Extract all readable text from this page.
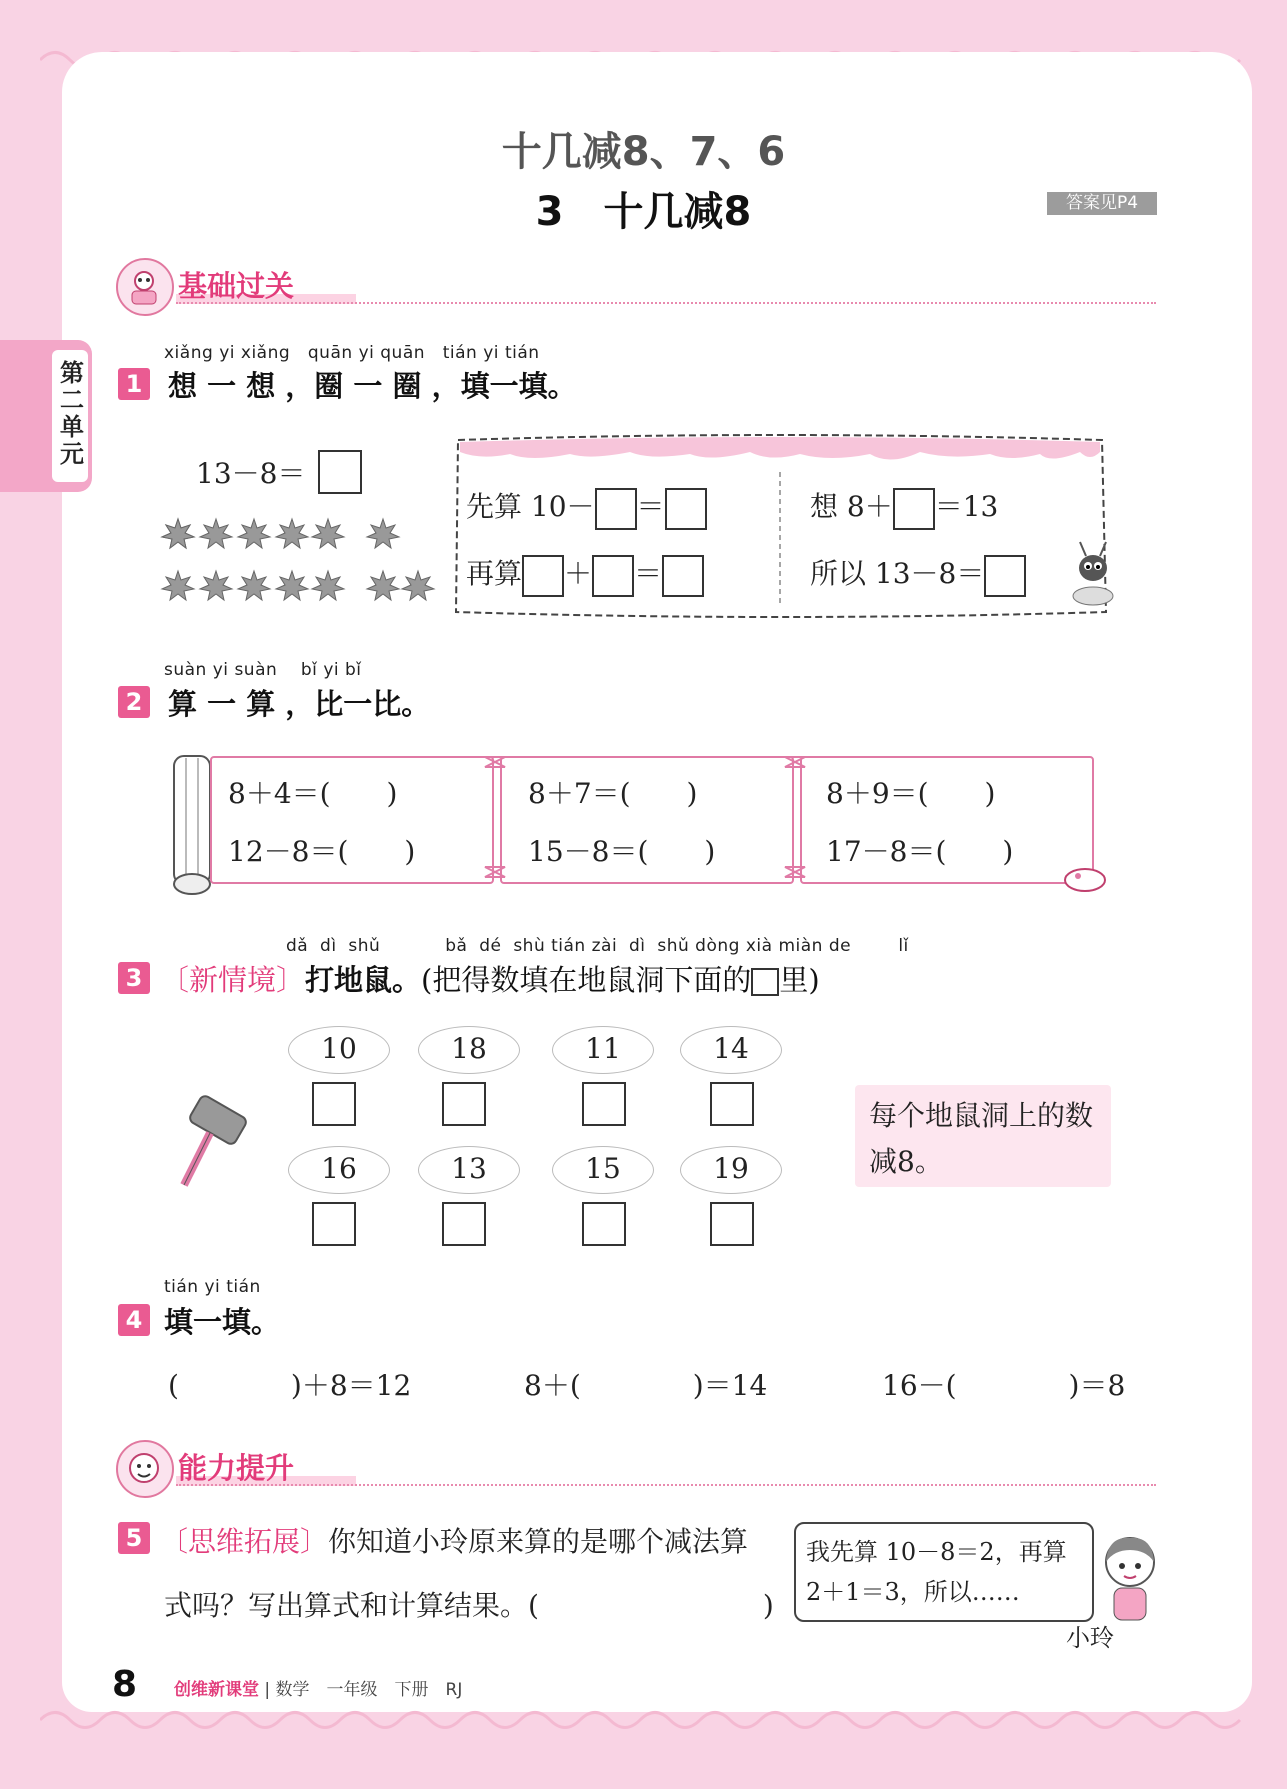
第二单元
十几减8、7、6
3　十几减8	答案见P4
基础过关
1
xiǎng yi xiǎng quān yi quān tián yi tián
想 一 想 ，圈 一 圈 ，填一填。
13－8＝
先算 10－ ＝
再算 ＋ ＝
想 8＋ ＝13
所以 13－8＝
suàn yi suàn bǐ yi bǐ
2 算 一 算 ，比一比。
8＋4＝(　　)
12－8＝(　　)
8＋7＝(　　)
15－8＝(　　)
8＋9＝(　　)
17－8＝(　　)
dǎ dì shǔ	bǎ dé shù tián zài dì shǔ dòng xià miàn de	lǐ
3 〔新情境〕打地鼠。(把得数填在地鼠洞下面的 里)
10	18	11	14
16	13	15	19
每个地鼠洞上的数减8。
tián yi tián
4 填一填。
(　　　　)＋8＝12	8＋(　　　　)＝14	16－(　　　　)＝8
能力提升
5 〔思维拓展〕你知道小玲原来算的是哪个减法算
式吗？写出算式和计算结果。(　　　　　　　　)
我先算 10－8＝2，再算 2＋1＝3，所以……
小玲
8 创维新课堂 | 数学　一年级　下册　RJ
